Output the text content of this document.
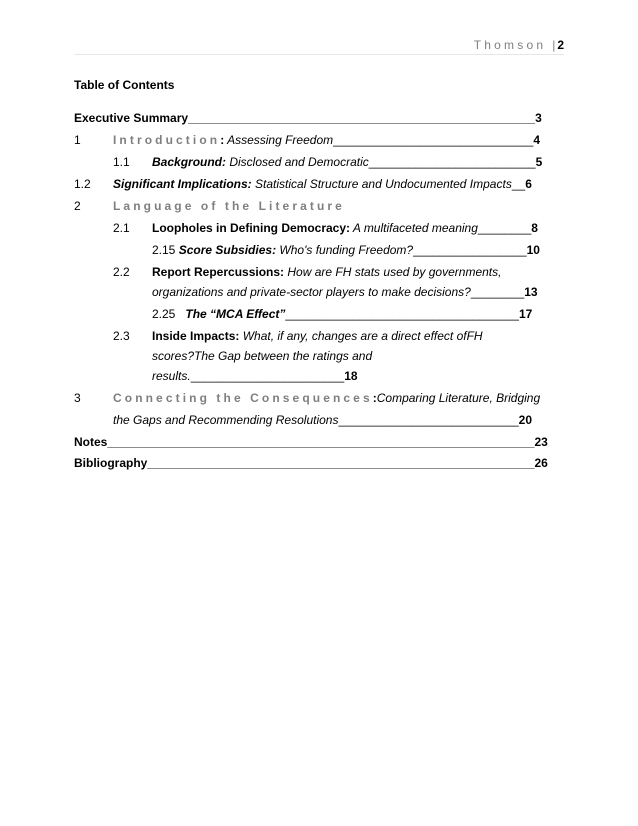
Thomson | 2
Table of Contents
Executive Summary____________________________________________________3
1	Introduction: Assessing Freedom______________________________4
1.1 Background: Disclosed and Democratic_________________________5
1.2 Significant Implications: Statistical Structure and Undocumented Impacts__6
2	Language of the Literature
2.1 Loopholes in Defining Democracy: A multifaceted meaning________8
2.15 Score Subsidies: Who's funding Freedom?_________________10
2.2 Report Repercussions: How are FH stats used by governments,
organizations and private-sector players to make decisions?________13
2.25 The “MCA Effect”___________________________________17
2.3 Inside Impacts: What, if any, changes are a direct effect ofFH
scores?The Gap between the ratings and
results._______________________18
3	Connecting the Consequences:Comparing Literature, Bridging
the Gaps and Recommending Resolutions___________________________20
Notes________________________________________________________________23
Bibliography__________________________________________________________26
